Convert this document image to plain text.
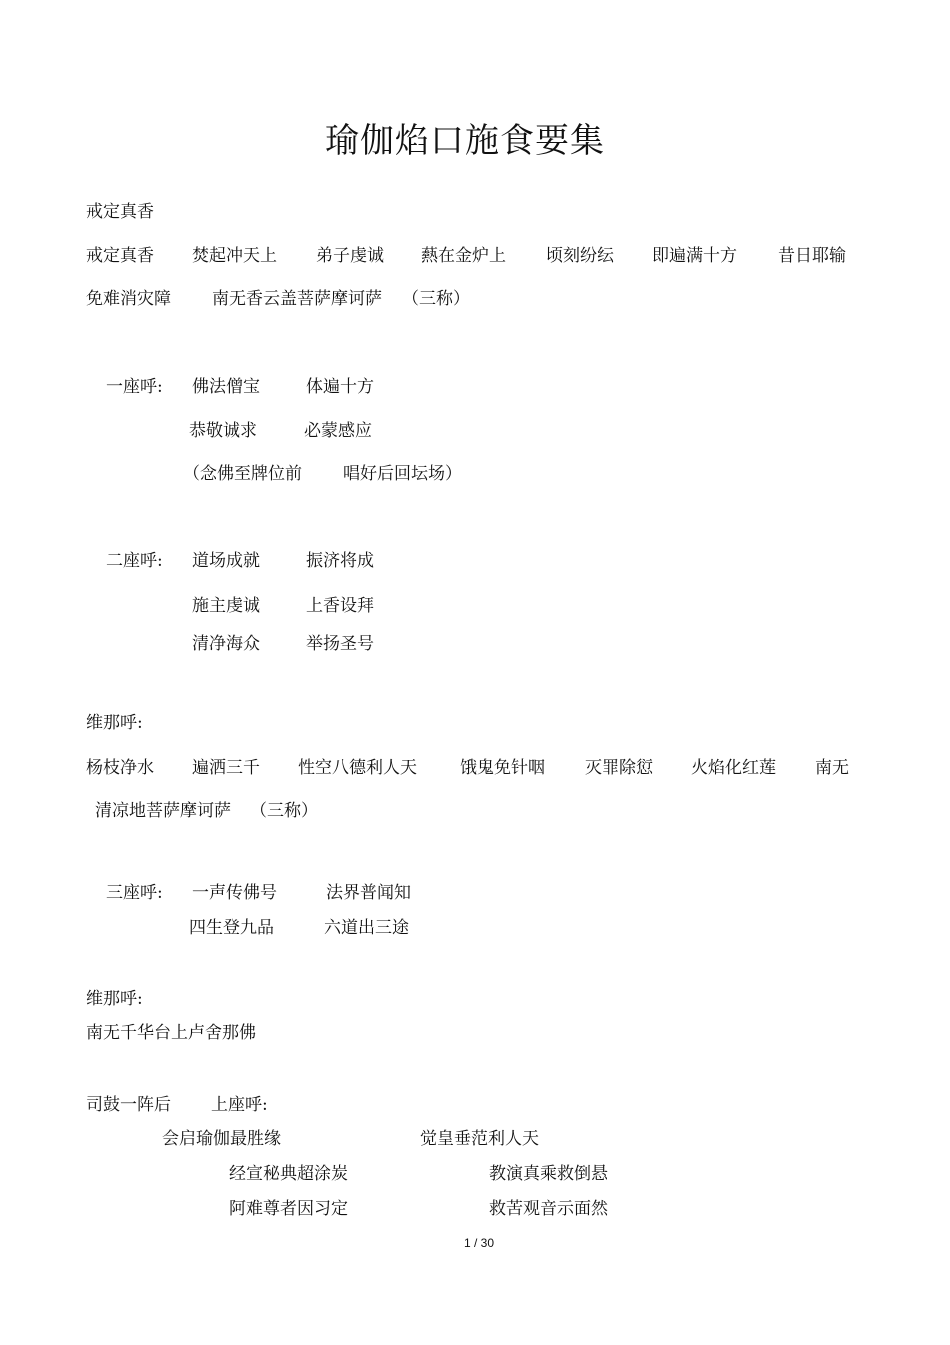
瑜伽焰口施食要集
戒定真香
戒定真香 焚起冲天上 弟子虔诚 爇在金炉上 顷刻纷纭 即遍满十方 昔日耶输
免难消灾障 南无香云盖菩萨摩诃萨 （三称）
一座呼: 佛法僧宝	体遍十方
恭敬诚求	必蒙感应
（念佛至牌位前 唱好后回坛场）
二座呼: 道场成就	振济将成
施主虔诚	上香设拜
清净海众	举扬圣号
维那呼:
杨枝净水 遍洒三千 性空八德利人天	饿鬼免针咽 灭罪除愆 火焰化红莲 南无
清凉地菩萨摩诃萨 （三称）
三座呼: 一声传佛号	法界普闻知
四生登九品	六道出三途
维那呼:
南无千华台上卢舍那佛
司鼓一阵后 上座呼:
会启瑜伽最胜缘	觉皇垂范利人天
经宣秘典超涂炭	教演真乘救倒悬
阿难尊者因习定	救苦观音示面然
1 / 30
